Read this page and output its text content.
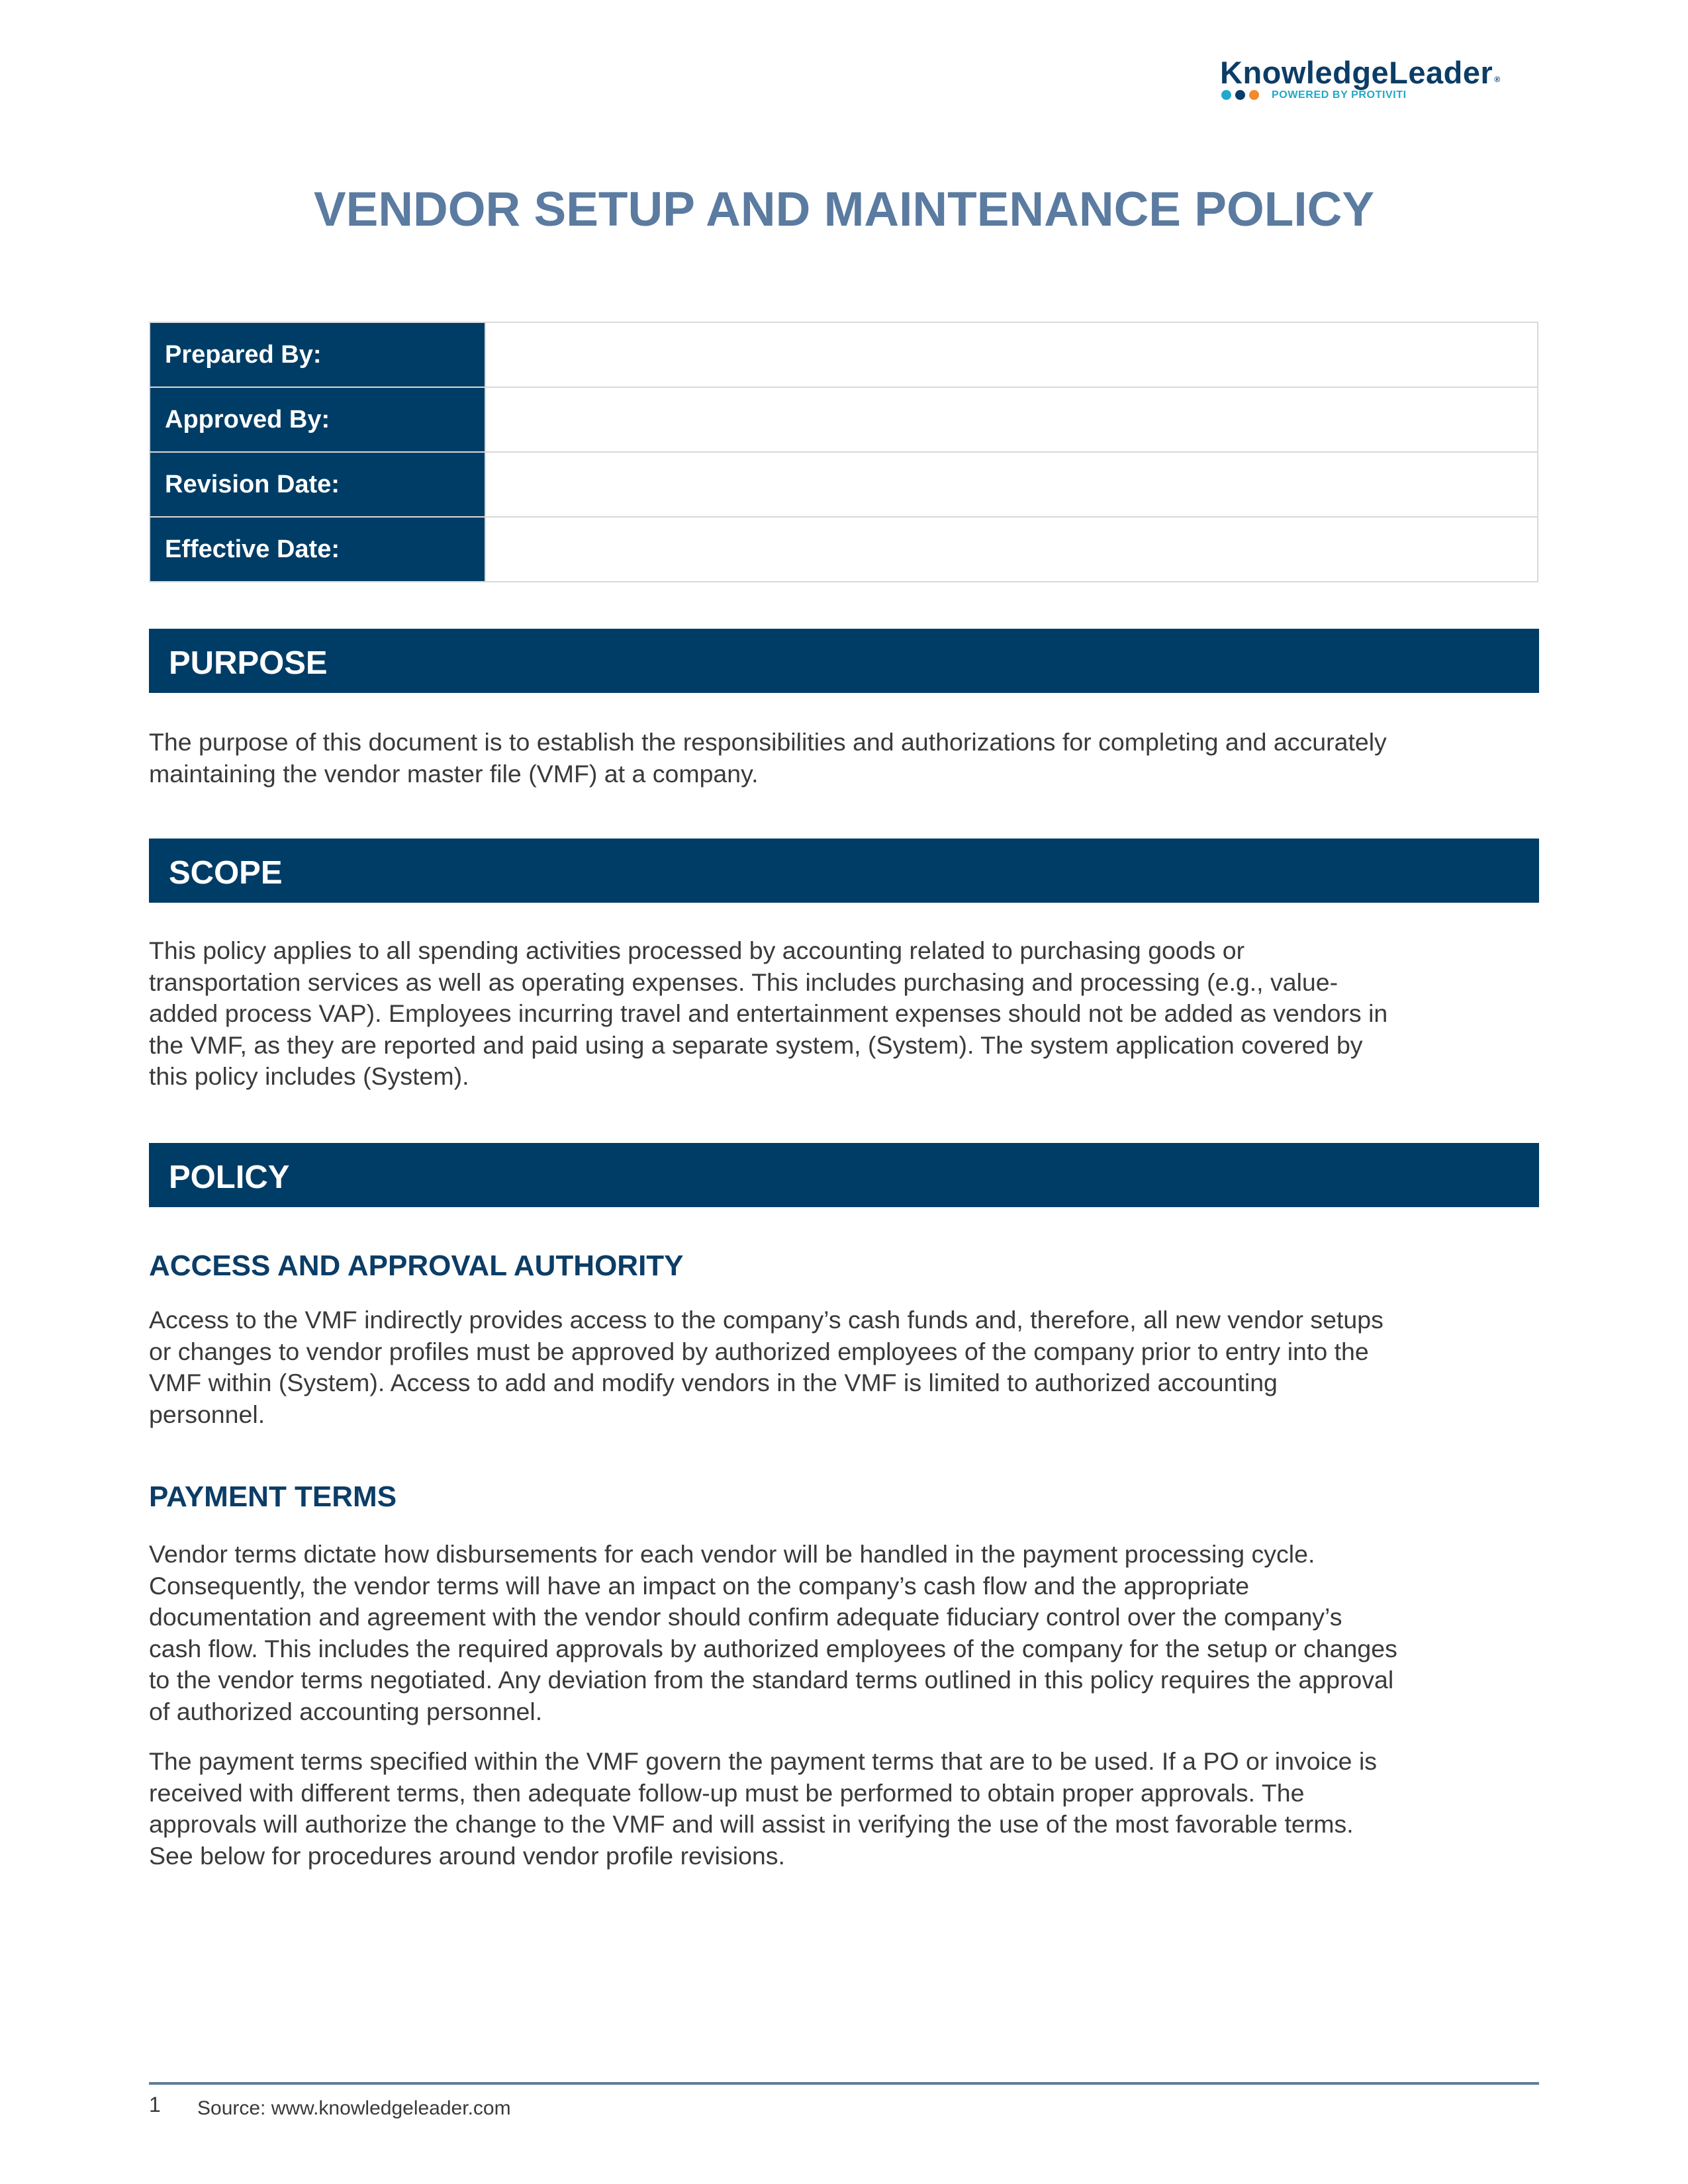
KnowledgeLeader ®
POWERED BY PROTIVITI
VENDOR SETUP AND MAINTENANCE POLICY
Prepared By:	
Approved By:	
Revision Date:	
Effective Date:	
PURPOSE
The purpose of this document is to establish the responsibilities and authorizations for completing and accurately
maintaining the vendor master file (VMF) at a company.
SCOPE
This policy applies to all spending activities processed by accounting related to purchasing goods or
transportation services as well as operating expenses. This includes purchasing and processing (e.g., value-
added process VAP). Employees incurring travel and entertainment expenses should not be added as vendors in
the VMF, as they are reported and paid using a separate system, (System). The system application covered by
this policy includes (System).
POLICY
ACCESS AND APPROVAL AUTHORITY
Access to the VMF indirectly provides access to the company’s cash funds and, therefore, all new vendor setups
or changes to vendor profiles must be approved by authorized employees of the company prior to entry into the
VMF within (System). Access to add and modify vendors in the VMF is limited to authorized accounting
personnel.
PAYMENT TERMS
Vendor terms dictate how disbursements for each vendor will be handled in the payment processing cycle.
Consequently, the vendor terms will have an impact on the company’s cash flow and the appropriate
documentation and agreement with the vendor should confirm adequate fiduciary control over the company’s
cash flow. This includes the required approvals by authorized employees of the company for the setup or changes
to the vendor terms negotiated. Any deviation from the standard terms outlined in this policy requires the approval
of authorized accounting personnel.
The payment terms specified within the VMF govern the payment terms that are to be used. If a PO or invoice is
received with different terms, then adequate follow-up must be performed to obtain proper approvals. The
approvals will authorize the change to the VMF and will assist in verifying the use of the most favorable terms.
See below for procedures around vendor profile revisions.
1 Source: www.knowledgeleader.com
